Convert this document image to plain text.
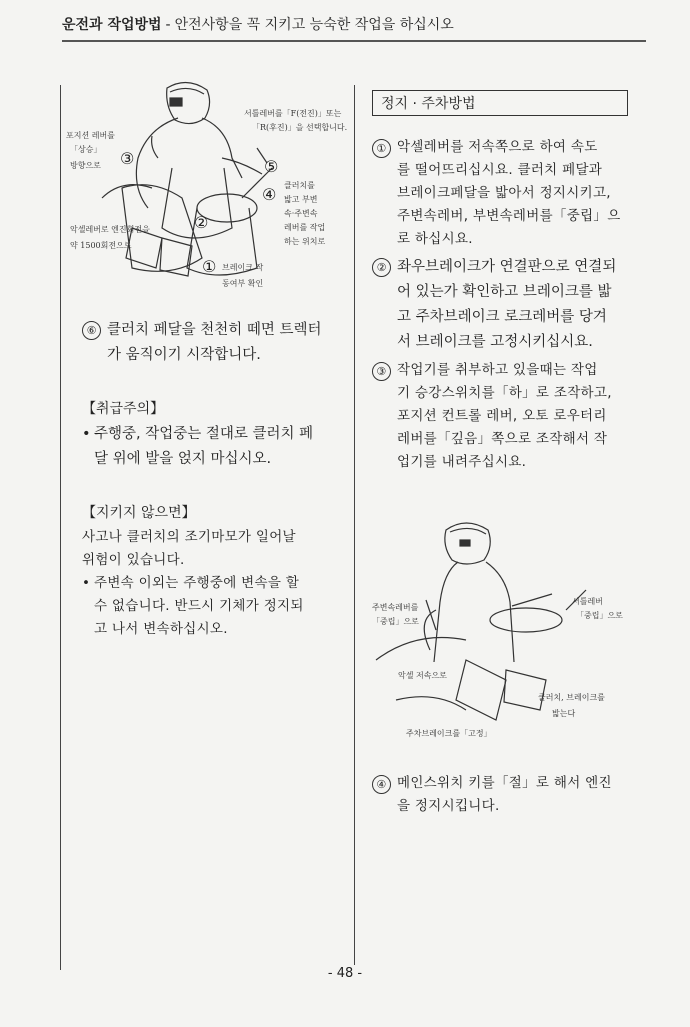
운전과 작업방법 - 안전사항을 꼭 지키고 능숙한 작업을 하십시오
서틀레버를「F(전진)」또는
「R(후진)」을 선택합니다.
포지션 레버를
「상승」
방향으로 ③	⑤
④
②
①
클러치를
밟고 부변
속·주변속
레버를 작업
하는 위치로
악셀레버로 엔진회전을
약 1500회전으로
브레이크 작
동여부 확인
⑥ 클러치 페달을 천천히 떼면 트렉터
가 움직이기 시작합니다.
【취급주의】
• 주행중, 작업중는 절대로 클러치 페
달 위에 발을 얹지 마십시오.
【지키지 않으면】
사고나 클러치의 조기마모가 일어날
위험이 있습니다.
• 주변속 이외는 주행중에 변속을 할
수 없습니다. 반드시 기체가 정지되
고 나서 변속하십시오.
정지 · 주차방법
① 악셀레버를 저속쪽으로 하여 속도
를 떨어뜨리십시요. 클러치 페달과
브레이크페달을 밟아서 정지시키고,
주변속레버, 부변속레버를「중립」으
로 하십시요.
② 좌우브레이크가 연결판으로 연결되
어 있는가 확인하고 브레이크를 밟
고 주차브레이크 로크레버를 당겨
서 브레이크를 고정시키십시요.
③ 작업기를 취부하고 있을때는 작업
기 승강스위치를「하」로 조작하고,
포지션 컨트롤 레버, 오토 로우터리
레버를「깊음」쪽으로 조작해서 작
업기를 내려주십시요.
주변속레버를
「중립」으로
서틀레버
「중립」으로
악셀 저속으로
클러치, 브레이크를
밟는다
주차브레이크를「고정」
④ 메인스위치 키를「절」로 해서 엔진
을 정지시킵니다.
- 48 -
